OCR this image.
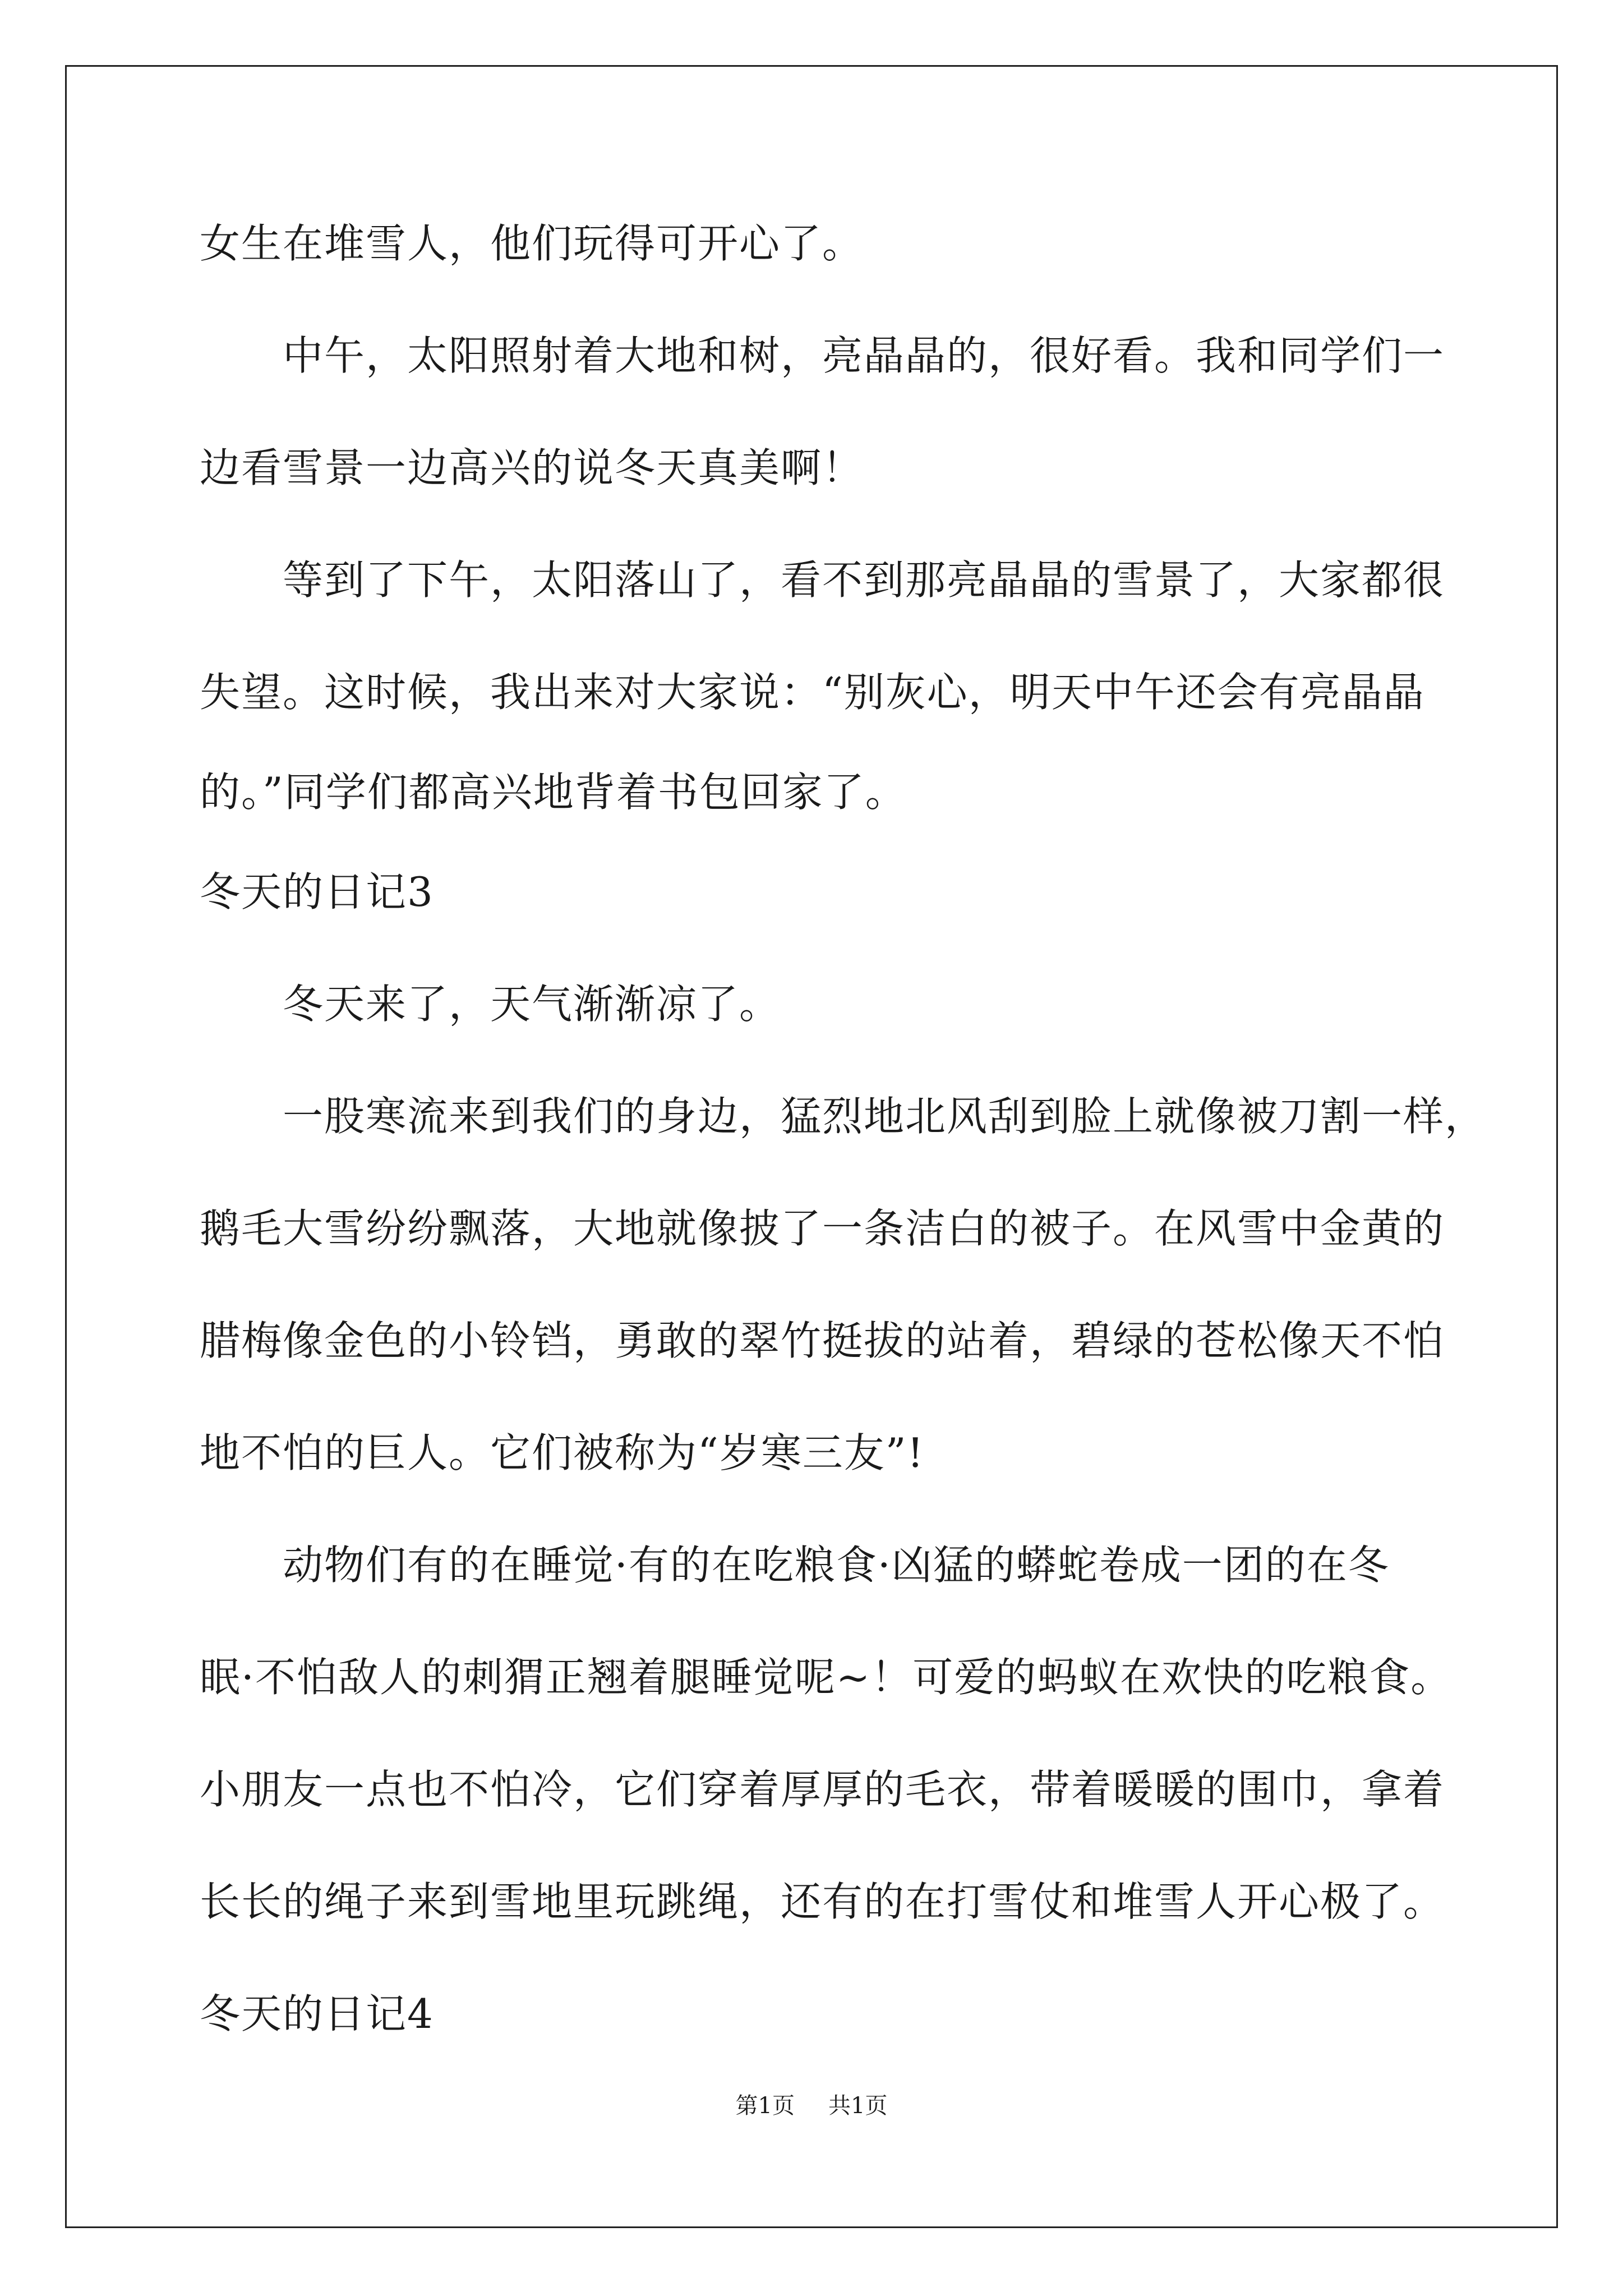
女生在堆雪人，他们玩得可开心了。

中午，太阳照射着大地和树，亮晶晶的，很好看。我和同学们一

边看雪景一边高兴的说冬天真美啊！

等到了下午，太阳落山了，看不到那亮晶晶的雪景了，大家都很

失望。这时候，我出来对大家说：“别灰心，明天中午还会有亮晶晶

的。”同学们都高兴地背着书包回家了。

冬天的日记3

冬天来了，天气渐渐凉了。

一股寒流来到我们的身边，猛烈地北风刮到脸上就像被刀割一样，

鹅毛大雪纷纷飘落，大地就像披了一条洁白的被子。在风雪中金黄的

腊梅像金色的小铃铛，勇敢的翠竹挺拔的站着，碧绿的苍松像天不怕

地不怕的巨人。它们被称为“岁寒三友”!

动物们有的在睡觉·有的在吃粮食·凶猛的蟒蛇卷成一团的在冬

眠·不怕敌人的刺猬正翘着腿睡觉呢~！可爱的蚂蚁在欢快的吃粮食。

小朋友一点也不怕冷，它们穿着厚厚的毛衣，带着暖暖的围巾，拿着

长长的绳子来到雪地里玩跳绳，还有的在打雪仗和堆雪人开心极了。

冬天的日记4

第1页 共1页
